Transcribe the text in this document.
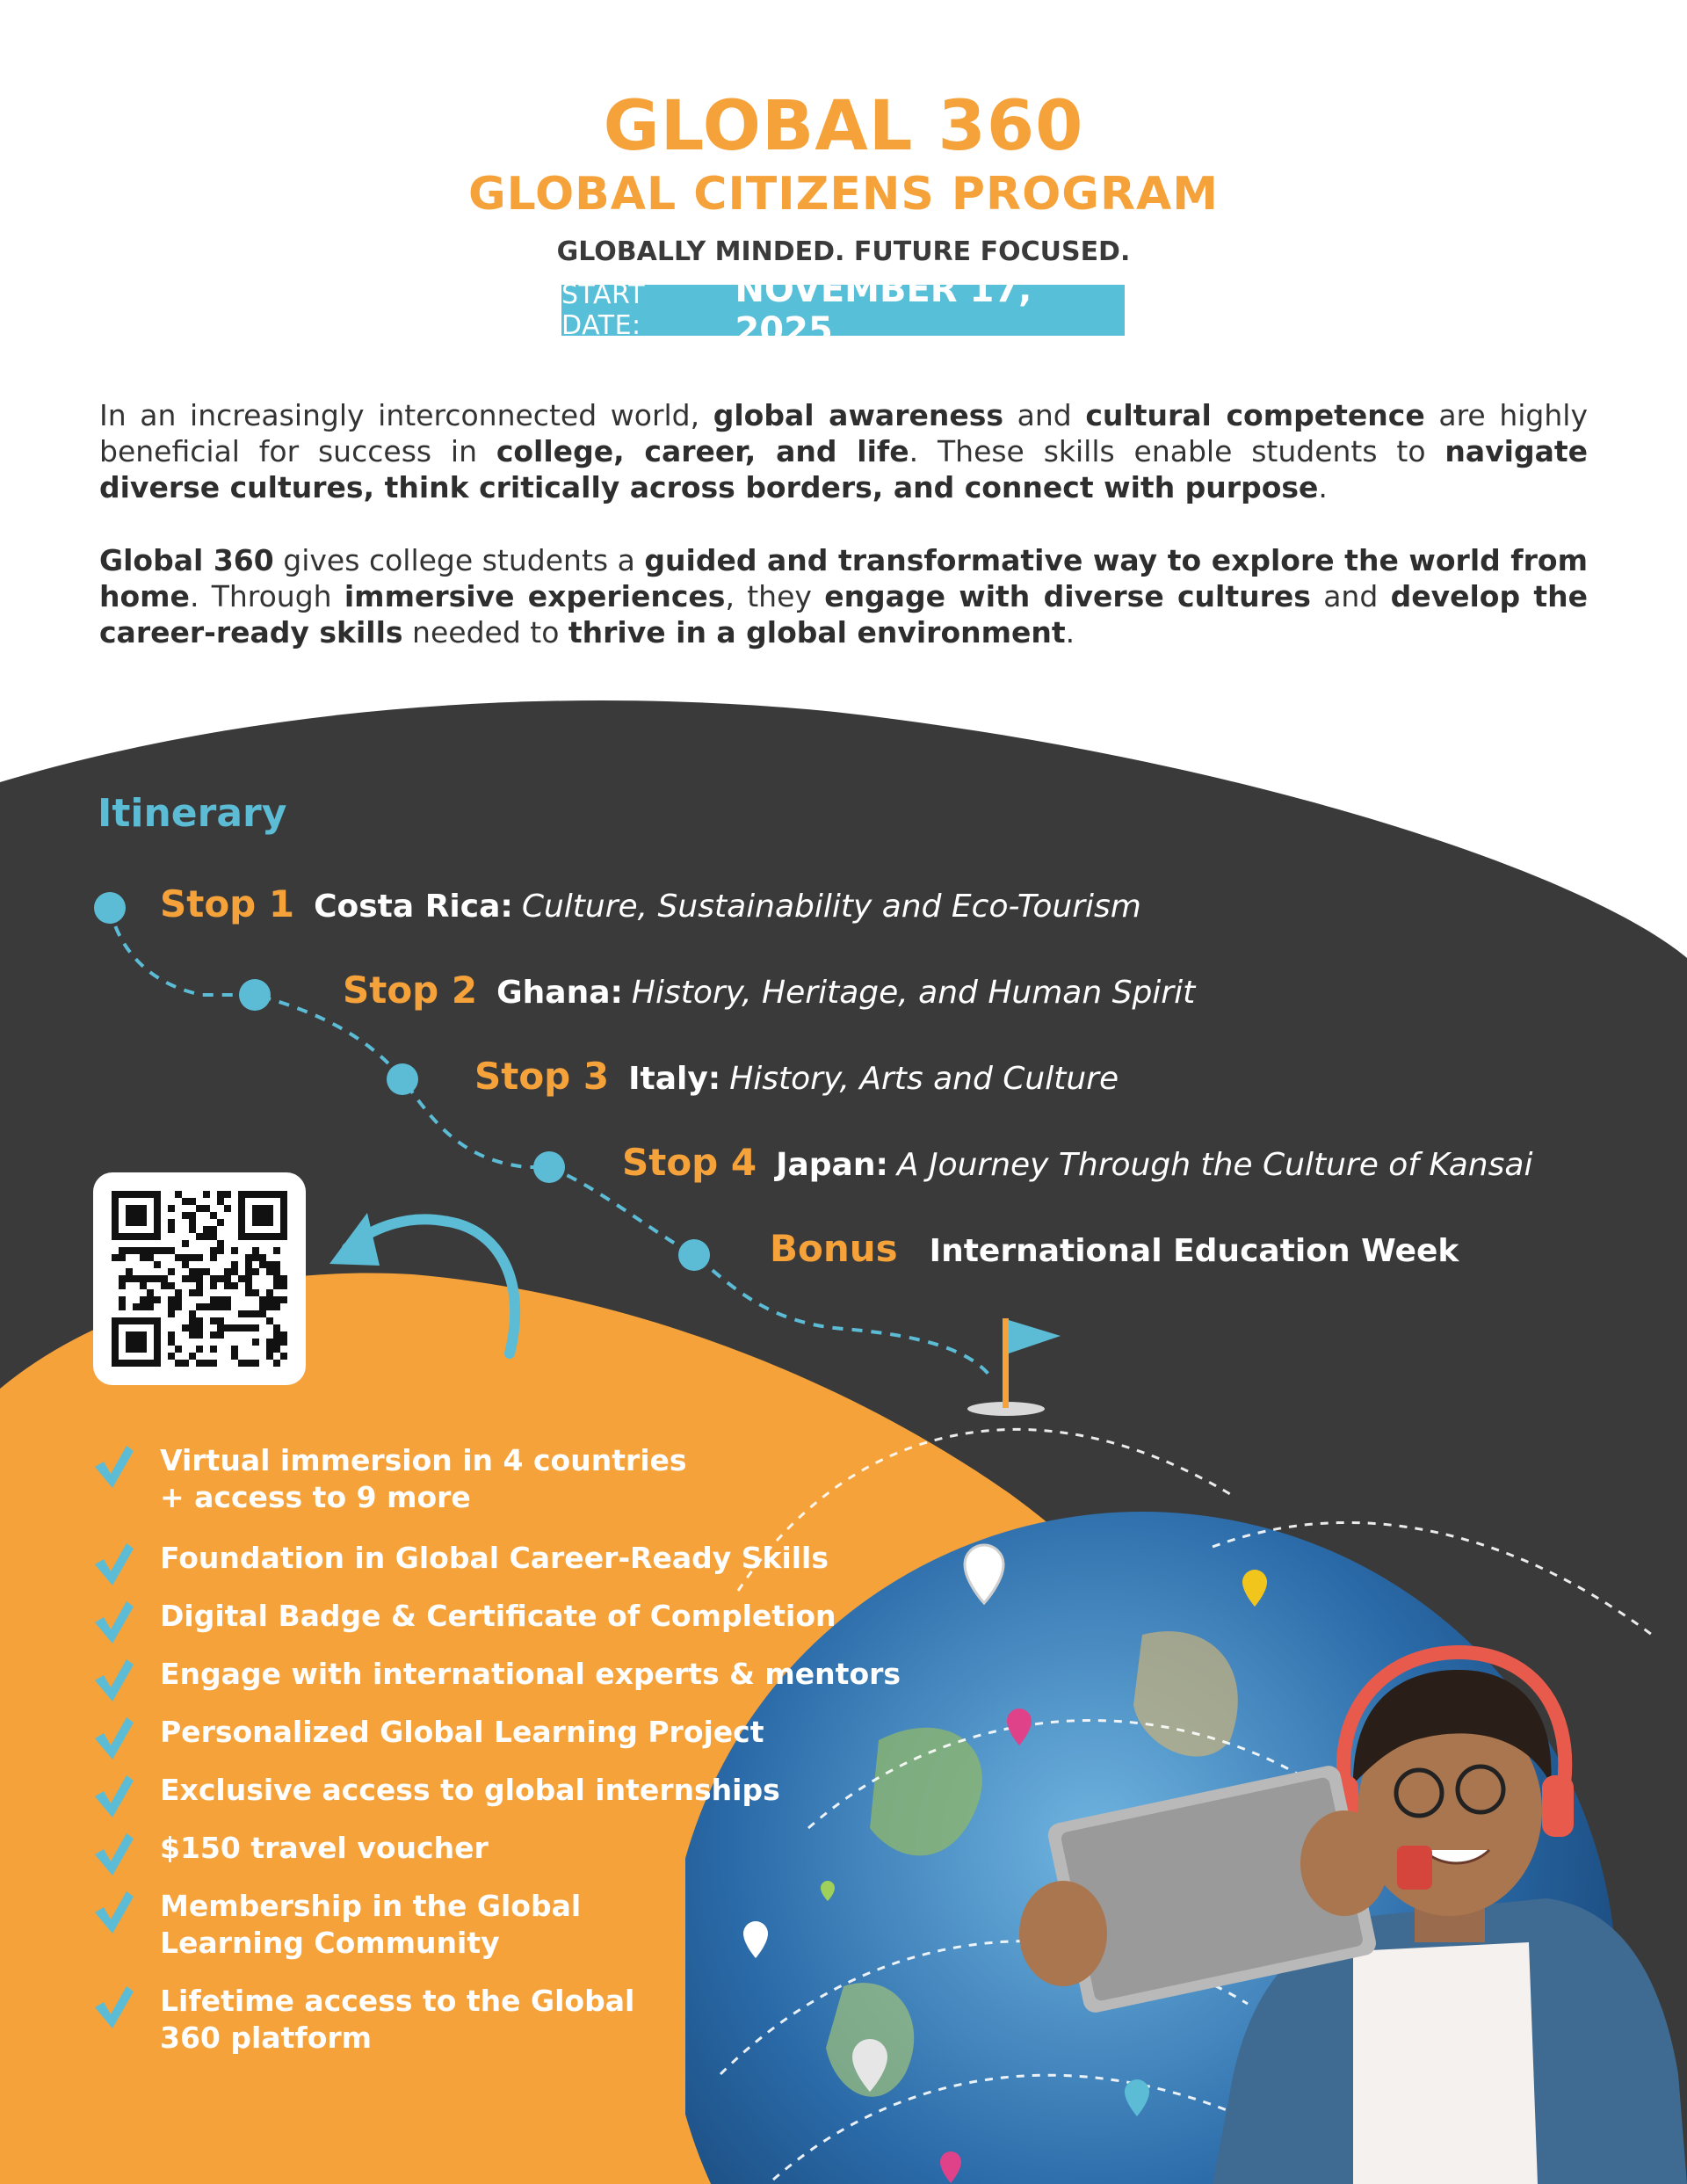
GLOBAL 360
GLOBAL CITIZENS PROGRAM
GLOBALLY MINDED. FUTURE FOCUSED.
START DATE:
NOVEMBER 17, 2025
In an increasingly interconnected world, global awareness and cultural competence are highly beneficial for success in college, career, and life. These skills enable students to navigate diverse cultures, think critically across borders, and connect with purpose.
Global 360 gives college students a guided and transformative way to explore the world from home. Through immersive experiences, they engage with diverse cultures and develop the career-ready skills needed to thrive in a global environment.
Itinerary
Stop 1 Costa Rica: Culture, Sustainability and Eco-Tourism
Stop 2 Ghana: History, Heritage, and Human Spirit
Stop 3 Italy: History, Arts and Culture
Stop 4 Japan: A Journey Through the Culture of Kansai
Bonus International Education Week
Virtual immersion in 4 countries
+ access to 9 more
Foundation in Global Career-Ready Skills
Digital Badge & Certificate of Completion
Engage with international experts & mentors
Personalized Global Learning Project
Exclusive access to global internships
$150 travel voucher
Membership in the Global
Learning Community
Lifetime access to the Global
360 platform
